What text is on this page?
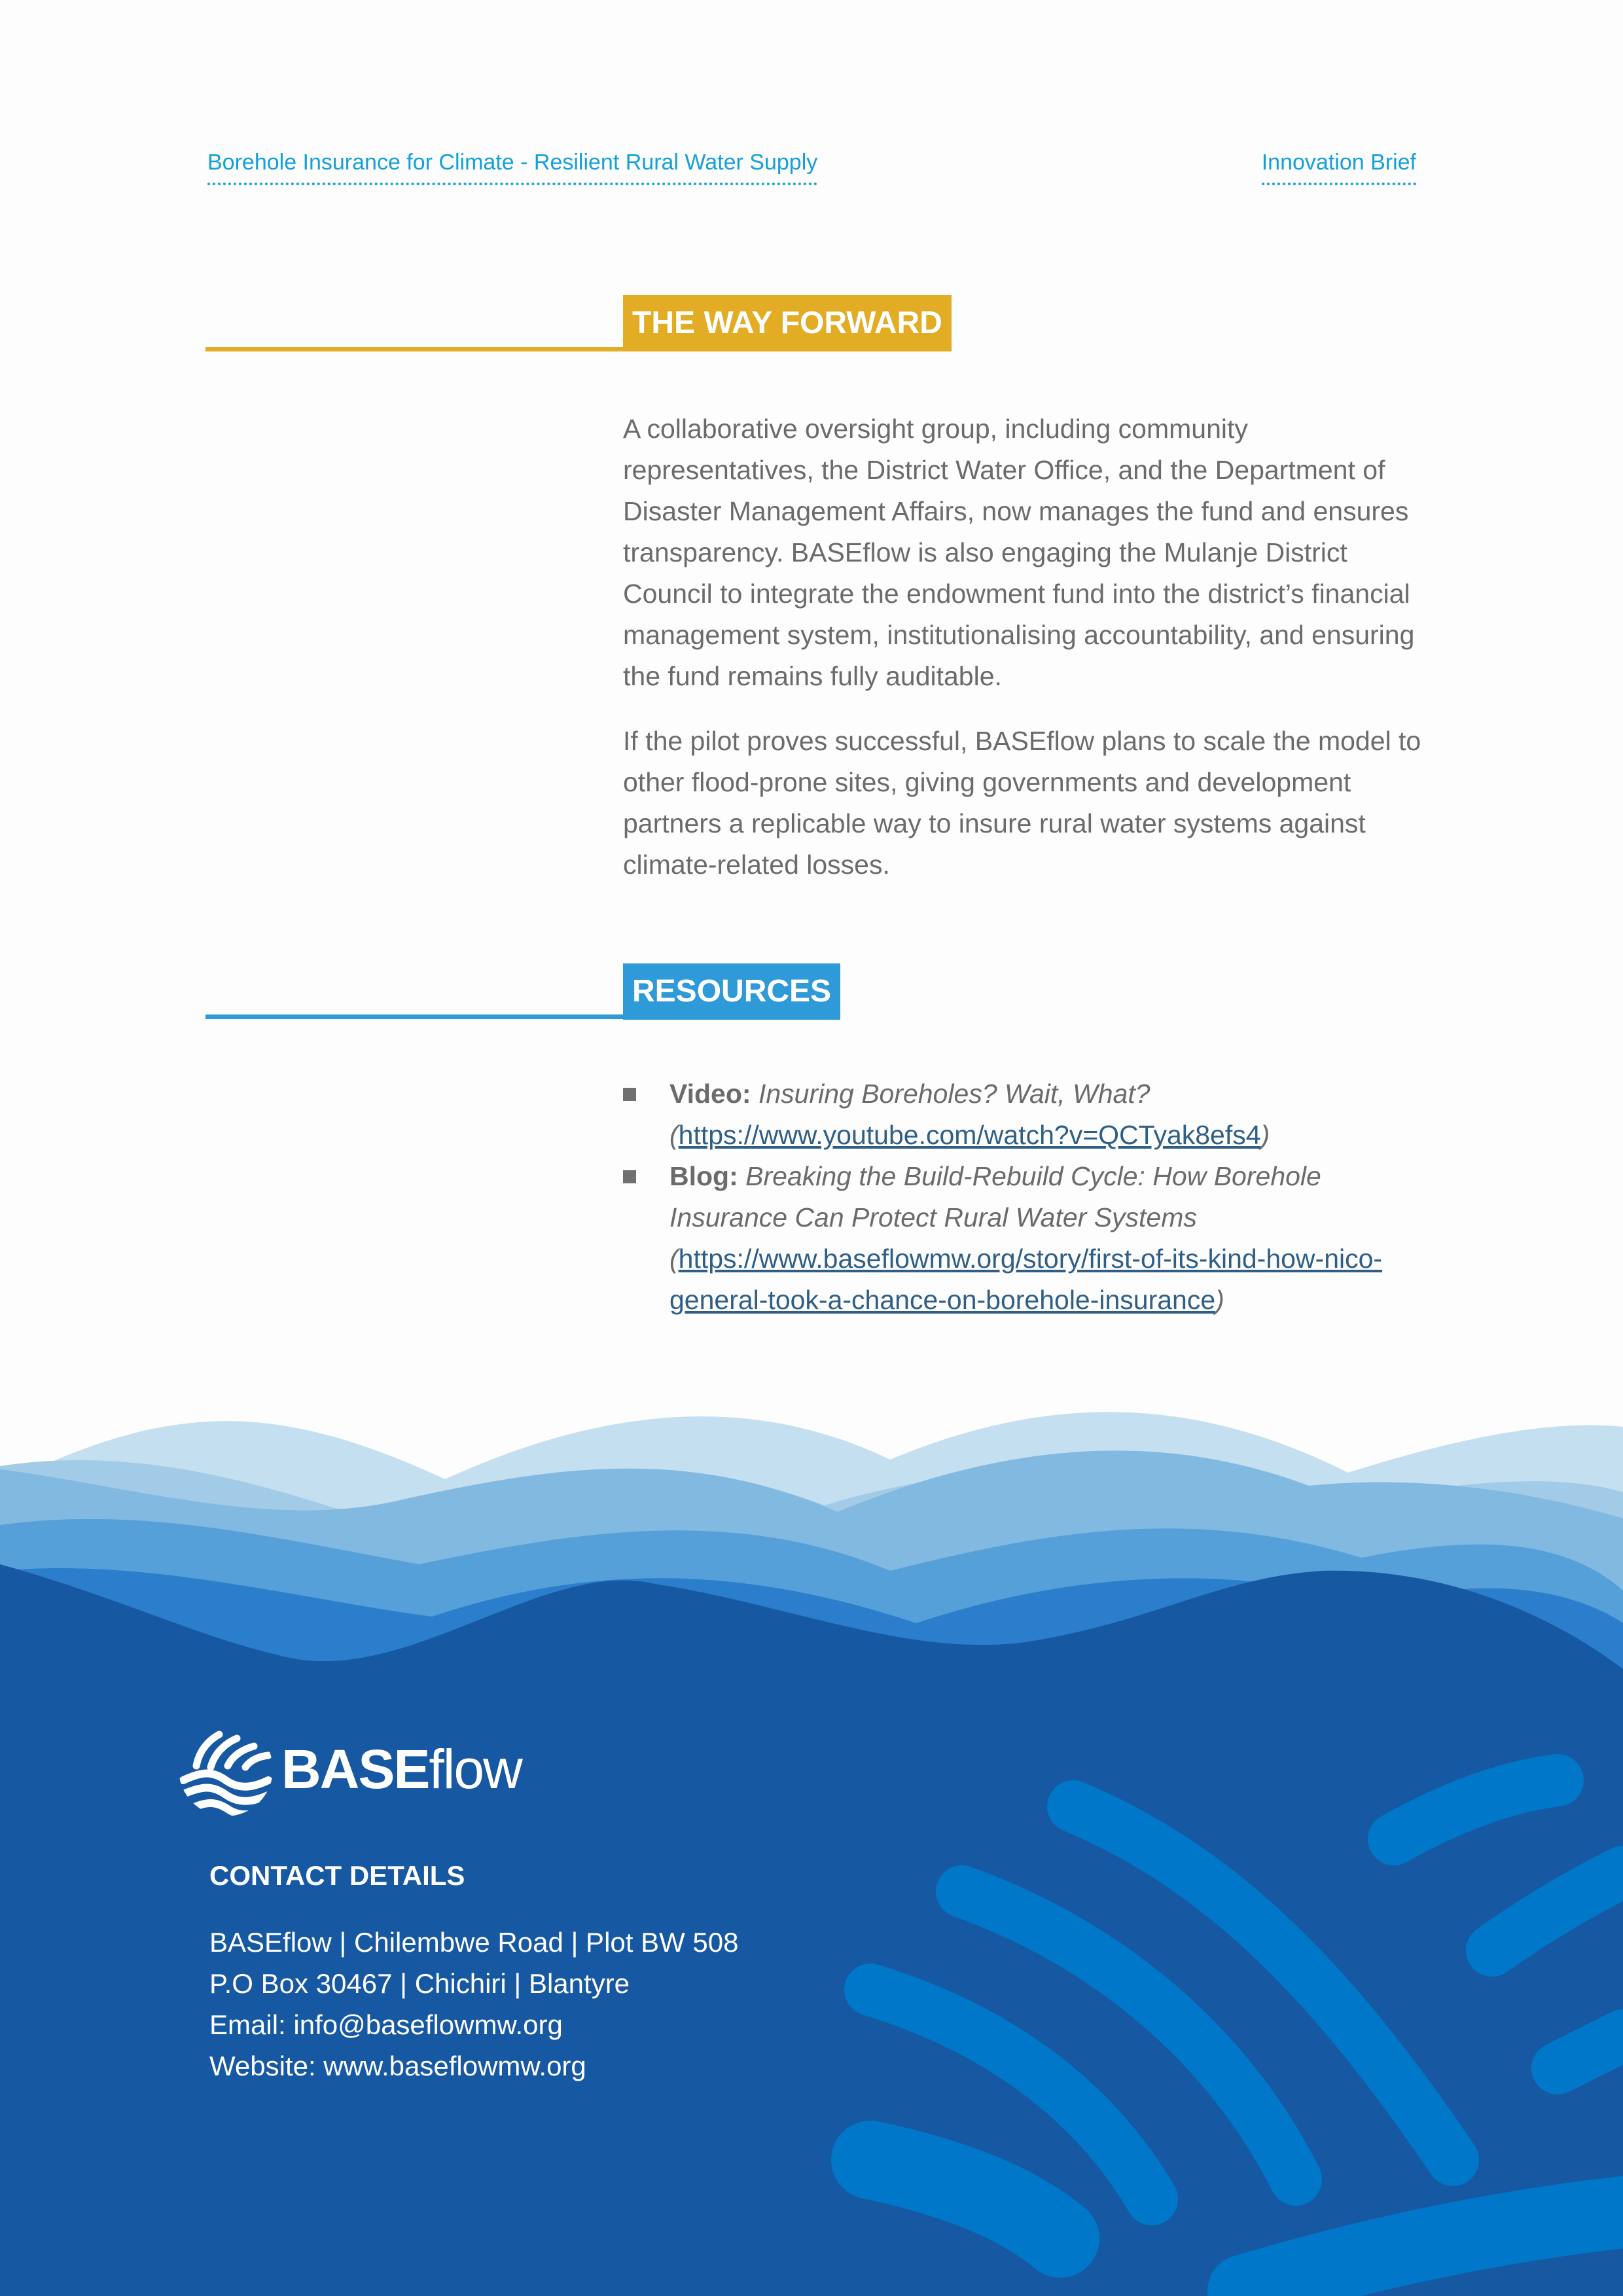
Borehole Insurance for Climate - Resilient Rural Water Supply	Innovation Brief
THE WAY FORWARD

A collaborative oversight group, including community representatives, the District Water Office, and the Department of Disaster Management Affairs, now manages the fund and ensures transparency. BASEflow is also engaging the Mulanje District Council to integrate the endowment fund into the district’s financial management system, institutionalising accountability, and ensuring the fund remains fully auditable.

If the pilot proves successful, BASEflow plans to scale the model to other flood-prone sites, giving governments and development partners a replicable way to insure rural water systems against climate-related losses.

RESOURCES
Video: Insuring Boreholes? Wait, What? (https://www.youtube.com/watch?v=QCTyak8efs4)
Blog: Breaking the Build-Rebuild Cycle: How Borehole Insurance Can Protect Rural Water Systems (https://www.baseflowmw.org/story/first-of-its-kind-how-nico-general-took-a-chance-on-borehole-insurance)
BASEflow
CONTACT DETAILS
BASEflow | Chilembwe Road | Plot BW 508
P.O Box 30467 | Chichiri | Blantyre
Email: info@baseflowmw.org
Website: www.baseflowmw.org
